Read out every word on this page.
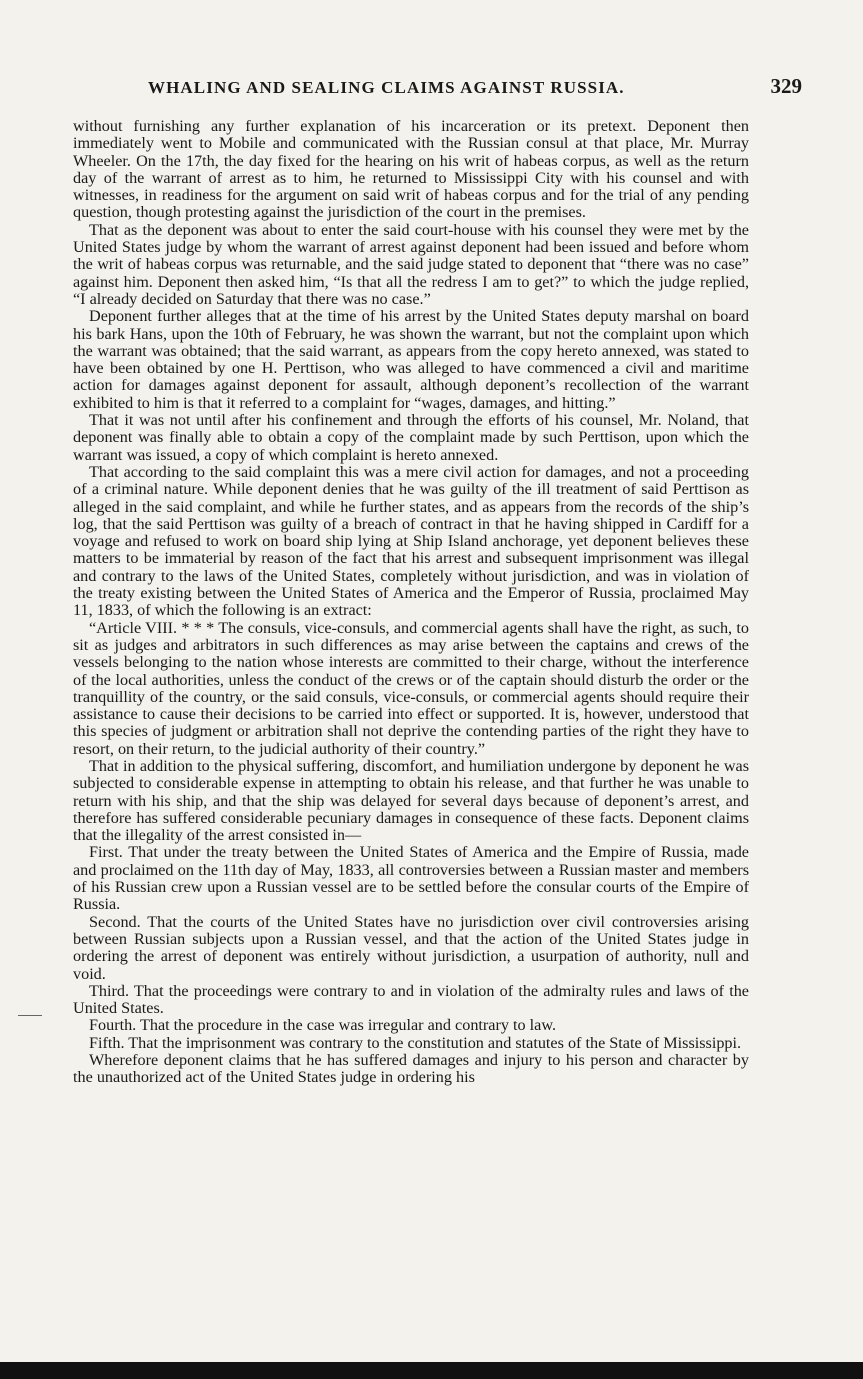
WHALING AND SEALING CLAIMS AGAINST RUSSIA.	329

without furnishing any further explanation of his incarceration or its pretext. Deponent then immediately went to Mobile and communicated with the Russian consul at that place, Mr. Murray Wheeler. On the 17th, the day fixed for the hearing on his writ of habeas corpus, as well as the return day of the warrant of arrest as to him, he returned to Mississippi City with his counsel and with witnesses, in readiness for the argument on said writ of habeas corpus and for the trial of any pending question, though protesting against the jurisdiction of the court in the premises.

That as the deponent was about to enter the said court-house with his counsel they were met by the United States judge by whom the warrant of arrest against deponent had been issued and before whom the writ of habeas corpus was returnable, and the said judge stated to deponent that “there was no case” against him. Deponent then asked him, “Is that all the redress I am to get?” to which the judge replied, “I already decided on Saturday that there was no case.”

Deponent further alleges that at the time of his arrest by the United States deputy marshal on board his bark Hans, upon the 10th of February, he was shown the warrant, but not the complaint upon which the warrant was obtained; that the said warrant, as appears from the copy hereto annexed, was stated to have been obtained by one H. Perttison, who was alleged to have commenced a civil and maritime action for damages against deponent for assault, although deponent’s recollection of the warrant exhibited to him is that it referred to a complaint for “wages, damages, and hitting.”

That it was not until after his confinement and through the efforts of his counsel, Mr. Noland, that deponent was finally able to obtain a copy of the complaint made by such Perttison, upon which the warrant was issued, a copy of which complaint is hereto annexed.

That according to the said complaint this was a mere civil action for damages, and not a proceeding of a criminal nature. While deponent denies that he was guilty of the ill treatment of said Perttison as alleged in the said complaint, and while he further states, and as appears from the records of the ship’s log, that the said Perttison was guilty of a breach of contract in that he having shipped in Cardiff for a voyage and refused to work on board ship lying at Ship Island anchorage, yet deponent believes these matters to be immaterial by reason of the fact that his arrest and subsequent imprisonment was illegal and contrary to the laws of the United States, completely without jurisdiction, and was in violation of the treaty existing between the United States of America and the Emperor of Russia, proclaimed May 11, 1833, of which the following is an extract:

“Article VIII. * * * The consuls, vice-consuls, and commercial agents shall have the right, as such, to sit as judges and arbitrators in such differences as may arise between the captains and crews of the vessels belonging to the nation whose interests are committed to their charge, without the interference of the local authorities, unless the conduct of the crews or of the captain should disturb the order or the tranquillity of the country, or the said consuls, vice-consuls, or commercial agents should require their assistance to cause their decisions to be carried into effect or supported. It is, however, understood that this species of judgment or arbitration shall not deprive the contending parties of the right they have to resort, on their return, to the judicial authority of their country.”

That in addition to the physical suffering, discomfort, and humiliation undergone by deponent he was subjected to considerable expense in attempting to obtain his release, and that further he was unable to return with his ship, and that the ship was delayed for several days because of deponent’s arrest, and therefore has suffered considerable pecuniary damages in consequence of these facts. Deponent claims that the illegality of the arrest consisted in—

First. That under the treaty between the United States of America and the Empire of Russia, made and proclaimed on the 11th day of May, 1833, all controversies between a Russian master and members of his Russian crew upon a Russian vessel are to be settled before the consular courts of the Empire of Russia.

Second. That the courts of the United States have no jurisdiction over civil controversies arising between Russian subjects upon a Russian vessel, and that the action of the United States judge in ordering the arrest of deponent was entirely without jurisdiction, a usurpation of authority, null and void.

Third. That the proceedings were contrary to and in violation of the admiralty rules and laws of the United States.

Fourth. That the procedure in the case was irregular and contrary to law.

Fifth. That the imprisonment was contrary to the constitution and statutes of the State of Mississippi.

Wherefore deponent claims that he has suffered damages and injury to his person and character by the unauthorized act of the United States judge in ordering his
